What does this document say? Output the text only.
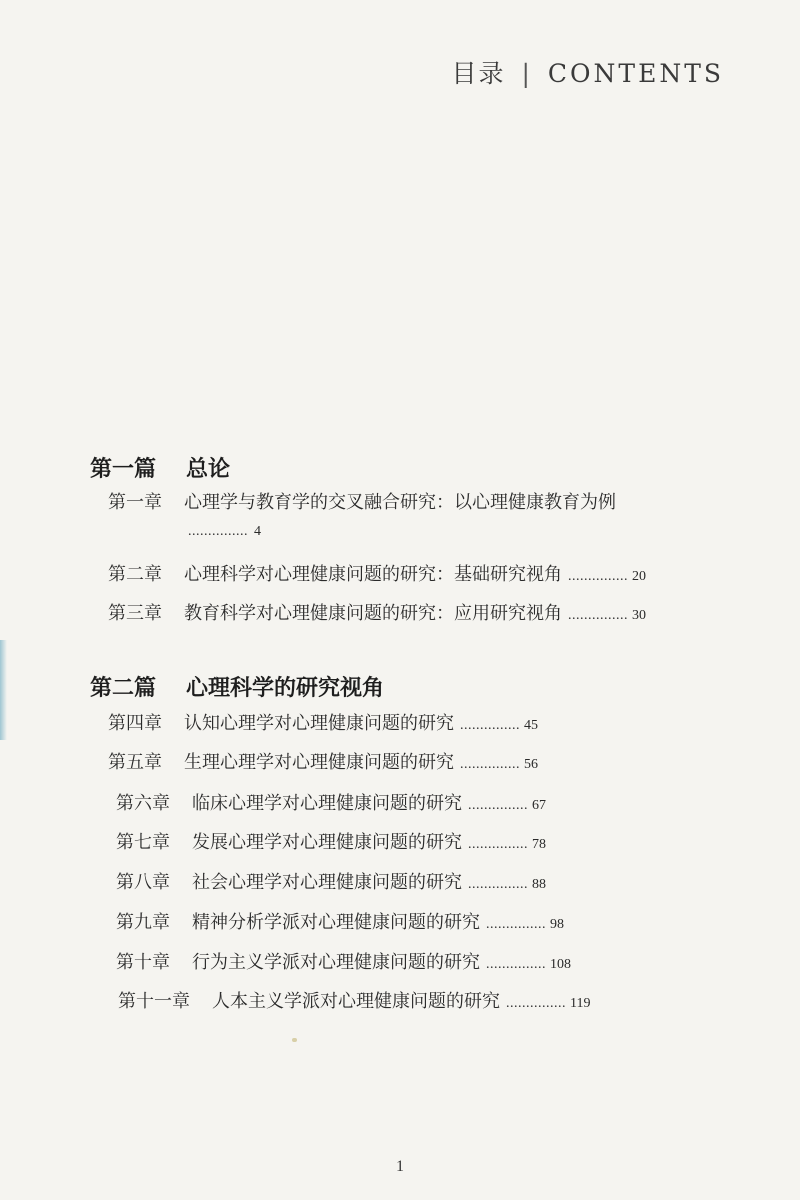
目录 | CONTENTS
第一篇 总论
第一章 心理学与教育学的交叉融合研究：以心理健康教育为例
............... 4
第二章 心理科学对心理健康问题的研究：基础研究视角 ............... 20
第三章 教育科学对心理健康问题的研究：应用研究视角 ............... 30
第二篇 心理科学的研究视角
第四章 认知心理学对心理健康问题的研究 ............... 45
第五章 生理心理学对心理健康问题的研究 ............... 56
第六章 临床心理学对心理健康问题的研究 ............... 67
第七章 发展心理学对心理健康问题的研究 ............... 78
第八章 社会心理学对心理健康问题的研究 ............... 88
第九章 精神分析学派对心理健康问题的研究 ............... 98
第十章 行为主义学派对心理健康问题的研究 ............... 108
第十一章 人本主义学派对心理健康问题的研究 ............... 119
1
